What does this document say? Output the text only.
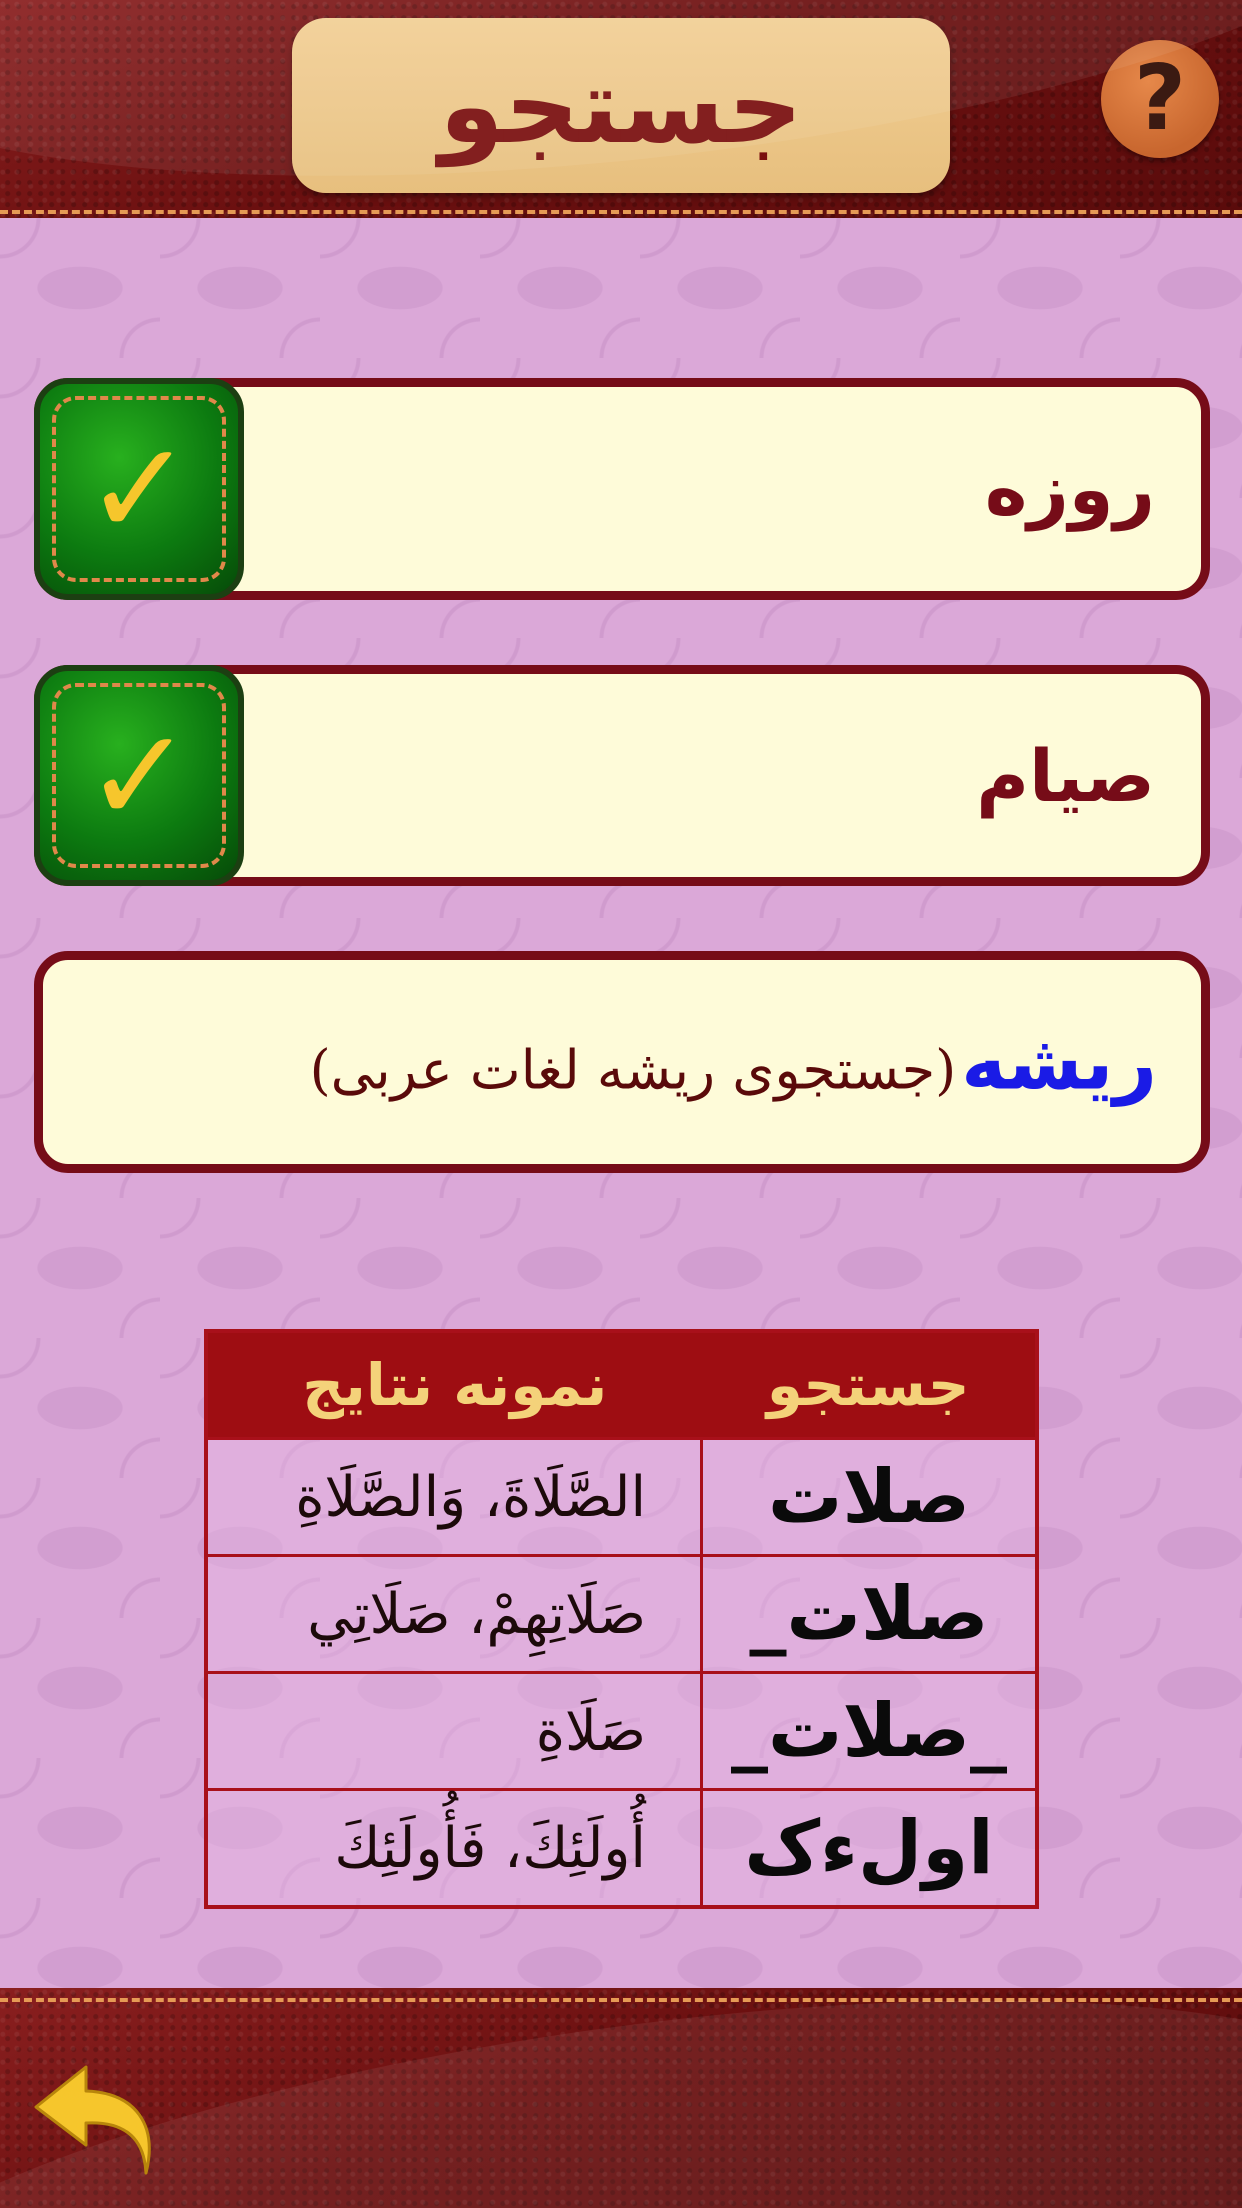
جستجو	?
✓	روزه
✓	صیام
ریشه (جستجوی ریشه لغات عربی)
جستجو	نمونه نتایج
صلات	الصَّلَاةَ، وَالصَّلَاةِ
صلات_	صَلَاتِهِمْ، صَلَاتِي
_صلات_	صَلَاةِ
اولءک	أُولَئِكَ، فَأُولَئِكَ
